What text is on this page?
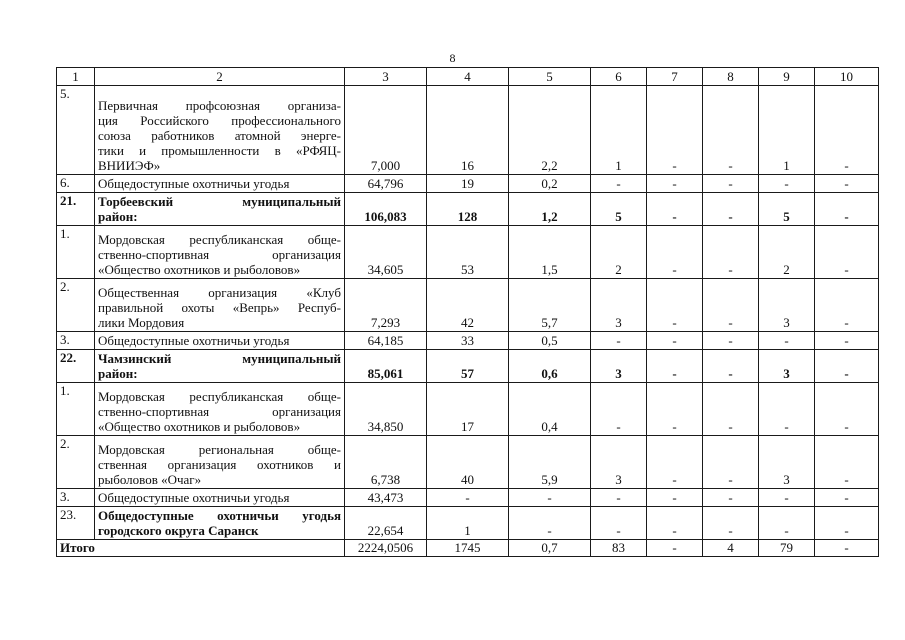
8
1	2	3	4	5	6	7	8	9	10
5.	Первичная профсоюзная организа-
ция Российского профессионального
союза работников атомной энерге-
тики и промышленности в «РФЯЦ-
ВНИИЭФ»	7,000	16	2,2	1	-	-	1	-
6.	Общедоступные охотничьи угодья	64,796	19	0,2	-	-	-	-	-
21.	Торбеевский муниципальный
район:	106,083	128	1,2	5	-	-	5	-
1.	Мордовская республиканская обще-
ственно-спортивная организация
«Общество охотников и рыболовов»	34,605	53	1,5	2	-	-	2	-
2.	Общественная организация «Клуб
правильной охоты «Вепрь» Респуб-
лики Мордовия	7,293	42	5,7	3	-	-	3	-
3.	Общедоступные охотничьи угодья	64,185	33	0,5	-	-	-	-	-
22.	Чамзинский муниципальный
район:	85,061	57	0,6	3	-	-	3	-
1.	Мордовская республиканская обще-
ственно-спортивная организация
«Общество охотников и рыболовов»	34,850	17	0,4	-	-	-	-	-
2.	Мордовская региональная обще-
ственная организация охотников и
рыболовов «Очаг»	6,738	40	5,9	3	-	-	3	-
3.	Общедоступные охотничьи угодья	43,473	-	-	-	-	-	-	-
23.	Общедоступные охотничьи угодья
городского округа Саранск	22,654	1	-	-	-	-	-	-
Итого		2224,0506	1745	0,7	83	-	4	79	-
